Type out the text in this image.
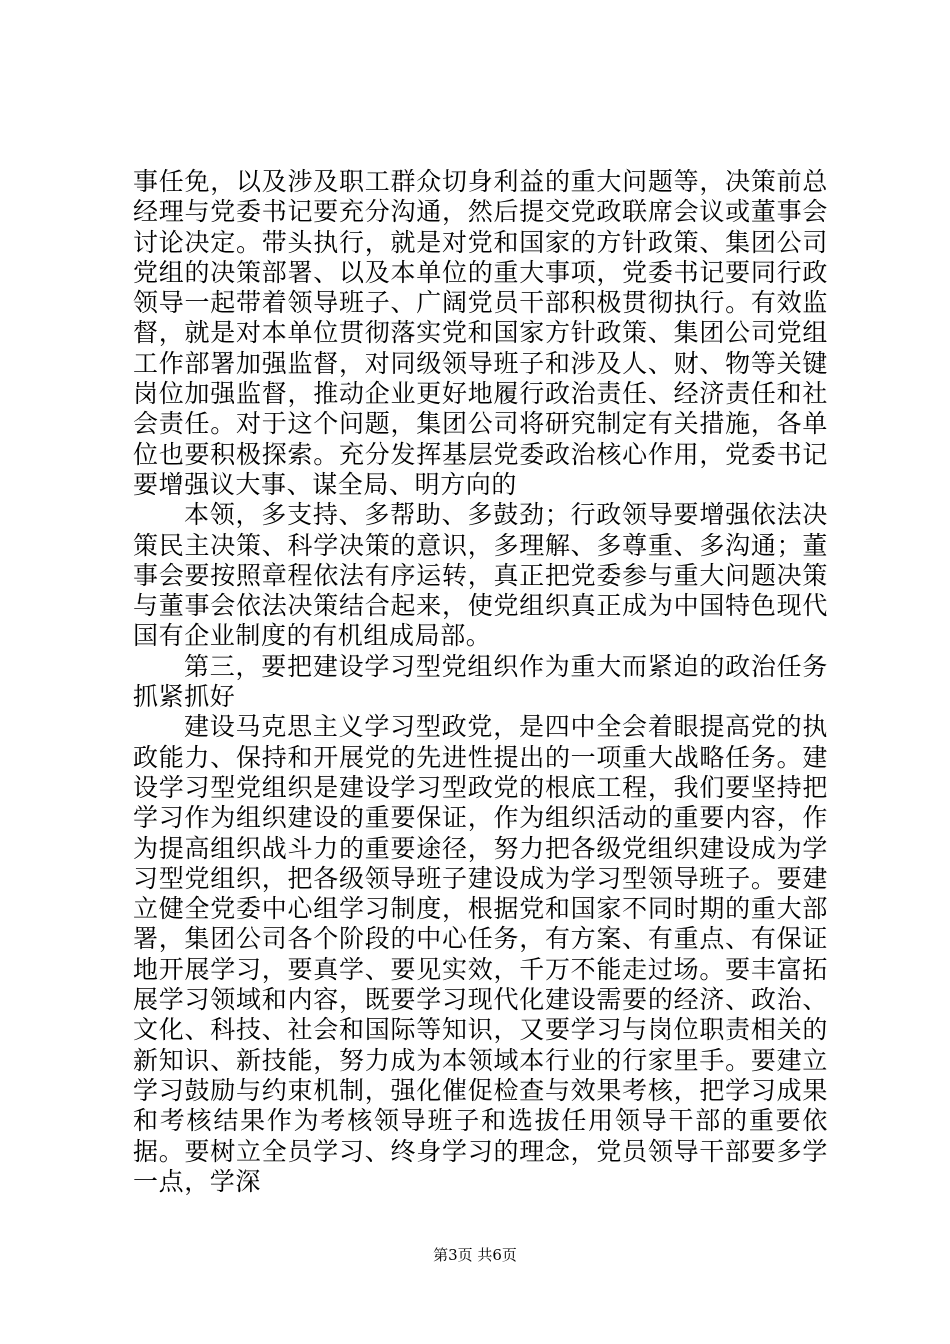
事任免，以及涉及职工群众切身利益的重大问题等，决策前总经理与党委书记要充分沟通，然后提交党政联席会议或董事会讨论决定。带头执行，就是对党和国家的方针政策、集团公司党组的决策部署、以及本单位的重大事项，党委书记要同行政领导一起带着领导班子、广阔党员干部积极贯彻执行。有效监督，就是对本单位贯彻落实党和国家方针政策、集团公司党组工作部署加强监督，对同级领导班子和涉及人、财、物等关键岗位加强监督，推动企业更好地履行政治责任、经济责任和社会责任。对于这个问题，集团公司将研究制定有关措施，各单位也要积极探索。充分发挥基层党委政治核心作用，党委书记要增强议大事、谋全局、明方向的

本领，多支持、多帮助、多鼓劲；行政领导要增强依法决策民主决策、科学决策的意识，多理解、多尊重、多沟通；董事会要按照章程依法有序运转，真正把党委参与重大问题决策与董事会依法决策结合起来，使党组织真正成为中国特色现代国有企业制度的有机组成局部。

第三，要把建设学习型党组织作为重大而紧迫的政治任务抓紧抓好

建设马克思主义学习型政党，是四中全会着眼提高党的执政能力、保持和开展党的先进性提出的一项重大战略任务。建设学习型党组织是建设学习型政党的根底工程，我们要坚持把学习作为组织建设的重要保证，作为组织活动的重要内容，作为提高组织战斗力的重要途径，努力把各级党组织建设成为学习型党组织，把各级领导班子建设成为学习型领导班子。要建立健全党委中心组学习制度，根据党和国家不同时期的重大部署，集团公司各个阶段的中心任务，有方案、有重点、有保证地开展学习，要真学、要见实效，千万不能走过场。要丰富拓展学习领域和内容，既要学习现代化建设需要的经济、政治、文化、科技、社会和国际等知识，又要学习与岗位职责相关的新知识、新技能，努力成为本领域本行业的行家里手。要建立学习鼓励与约束机制，强化催促检查与效果考核，把学习成果和考核结果作为考核领导班子和选拔任用领导干部的重要依据。要树立全员学习、终身学习的理念，党员领导干部要多学一点，学深

第3页 共6页
